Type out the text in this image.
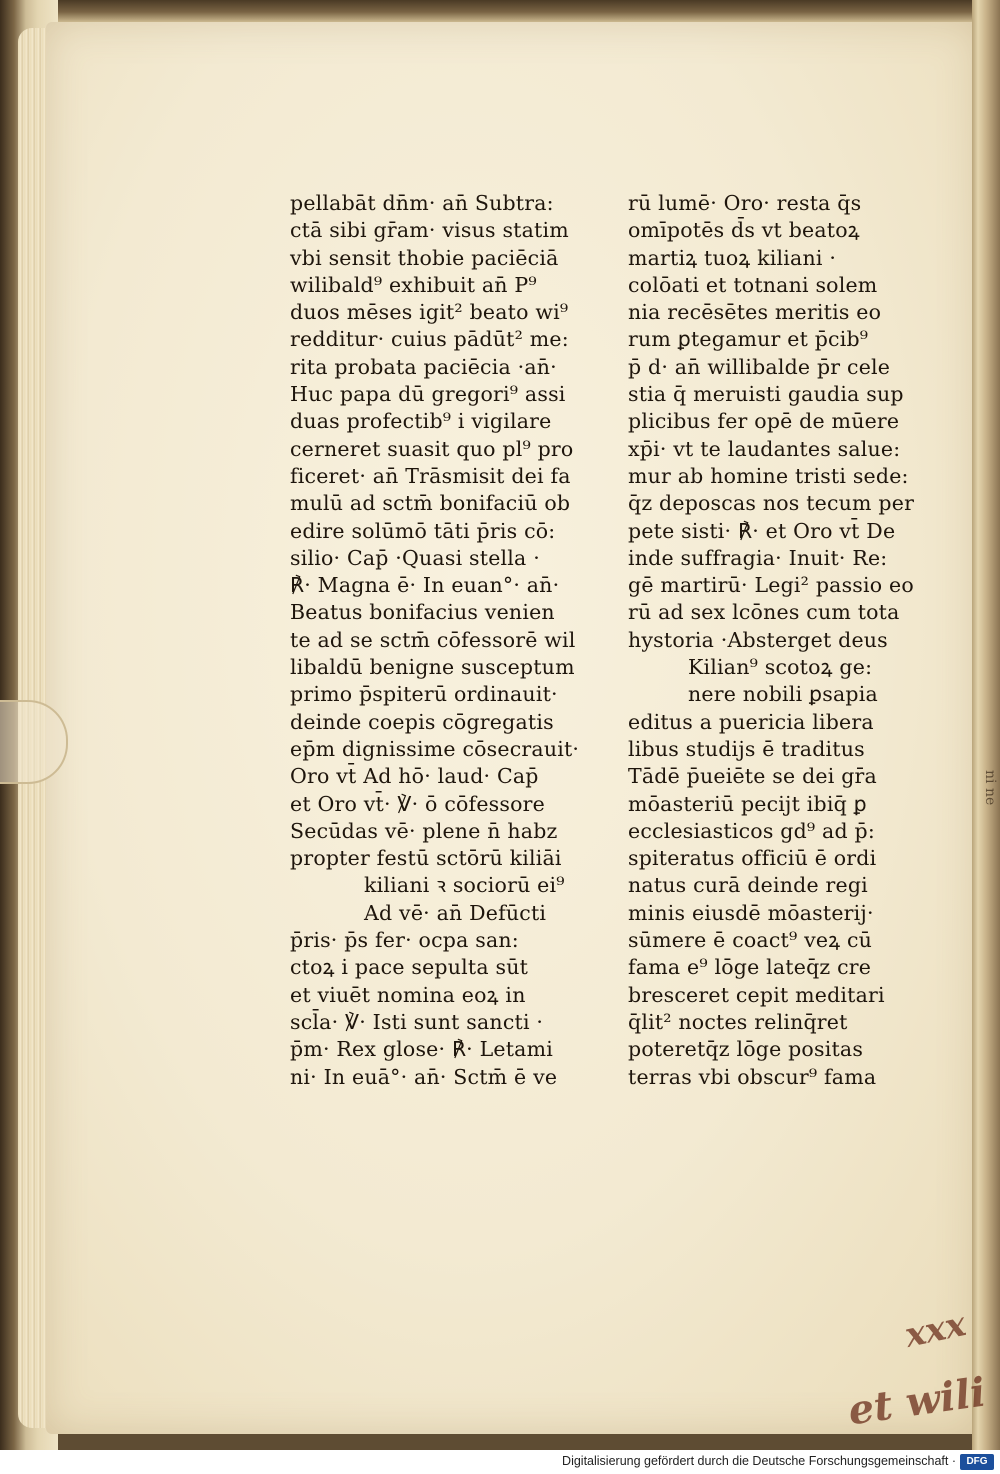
ni ne
pellabāt dn̄m· an̄ Subtra:
ctā sibi gr̄am· visus statim
vbi sensit thobie paciēciā
wilibald⁹ exhibuit an̄ P⁹
duos mēses igit² beato wi⁹
redditur· cuius pādūt² me:
rita probata paciēcia ·an̄·
Huc papa dū gregori⁹ assi
duas profectib⁹ i vigilare
cerneret suasit quo pl⁹ pro
ficeret· an̄ Trāsmisit dei fa
mulū ad sctm̄ bonifaciū ob
edire solūmō tāti p̄ris cō:
silio· Cap̄ ·Quasi stella ·
℟· Magna ē· In euan°· an̄·
Beatus bonifacius venien
te ad se sctm̄ cōfessorē wil
libaldū benigne susceptum
primo p̄spiterū ordinauit·
deinde coepis cōgregatis
ep̄m dignissime cōsecrauit·
Oro vt̄ Ad hō· laud· Cap̄
et Oro vt̄· ℣· ō cōfessore
Secūdas vē· plene n̄ habz
propter festū sctōrū kiliāi
kiliani ꝛ sociorū ei⁹
Ad vē· an̄ Defūcti
p̄ris· p̄s fer· ocpa san:
ctoꝝ i pace sepulta sūt
et viuēt nomina eoꝝ in
scl̄a· ℣· Isti sunt sancti ·
p̄m· Rex glose· ℟· Letami
ni· In euā°· an̄· Sctm̄ ē ve
rū lumē· Oro· resta q̄s
omīpotēs d̄s vt beatoꝝ
martiꝝ tuoꝝ kiliani ·
colōati et totnani solem
nia recēsētes meritis eo
rum ꝑtegamur et p̄cib⁹
p̄ d· an̄ willibalde p̄r cele
stia q̄ meruisti gaudia sup
plicibus fer opē de mūere
xp̄i· vt te laudantes salue:
mur ab homine tristi sede:
q̄z deposcas nos tecum per
pete sisti· ℟· et Oro vt̄ De
inde suffragia· Inuit· Re:
gē martirū· Legi² passio eo
rū ad sex lcōnes cum tota
hystoria ·Absterget deus
Kilian⁹ scotoꝝ ge:
nere nobili ꝑsapia
editus a puericia libera
libus studijs ē traditus
Tādē p̄ueiēte se dei gr̄a
mōasteriū pecijt ibiq̄ ꝑ
ecclesiasticos gd⁹ ad p̄:
spiteratus officiū ē ordi
natus curā deinde regi
minis eiusdē mōasterij·
sūmere ē coact⁹ veꝝ cū
fama e⁹ lōge lateq̄z cre
bresceret cepit meditari
q̄lit² noctes relinq̄ret
poteretq̄z lōge positas
terras vbi obscur⁹ fama
xxx
et wili
Digitalisierung gefördert durch die Deutsche Forschungsgemeinschaft ·	DFG
